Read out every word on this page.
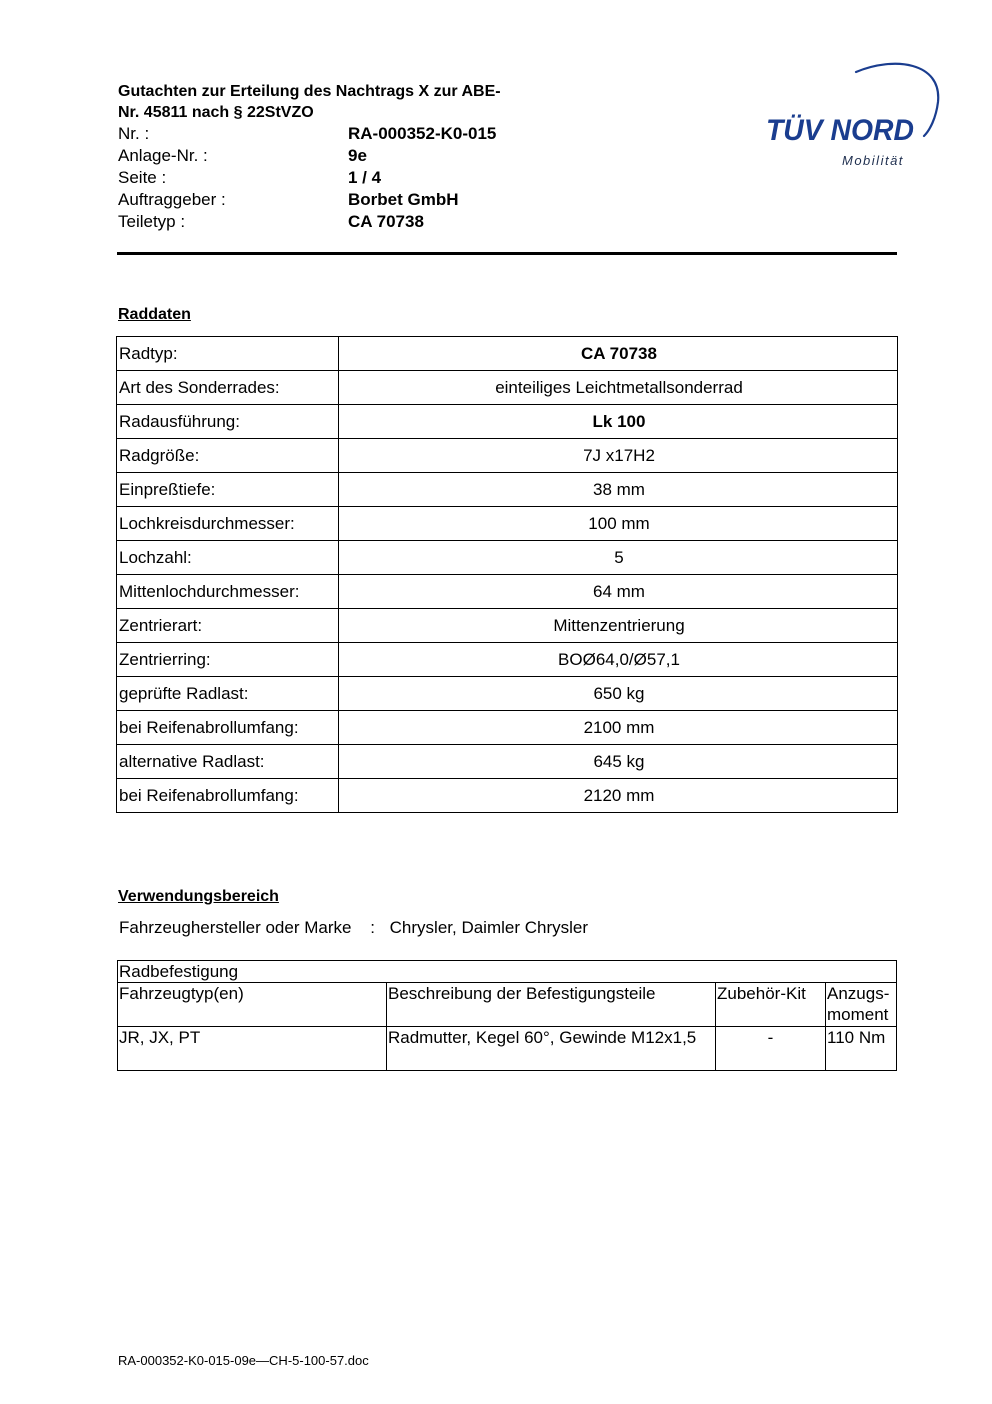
Gutachten zur Erteilung des Nachtrags X zur ABE-
Nr. 45811 nach § 22StVZO
Nr. :	RA-000352-K0-015
Anlage-Nr. :	9e
Seite :	1 / 4
Auftraggeber :	Borbet GmbH
Teiletyp :	CA 70738
TÜV NORD
Mobilität
Raddaten
Radtyp:	CA 70738
Art des Sonderrades:	einteiliges Leichtmetallsonderrad
Radausführung:	Lk 100
Radgröße:	7J x17H2
Einpreßtiefe:	38 mm
Lochkreisdurchmesser:	100 mm
Lochzahl:	5
Mittenlochdurchmesser:	64 mm
Zentrierart:	Mittenzentrierung
Zentrierring:	BOØ64,0/Ø57,1
geprüfte Radlast:	650 kg
bei Reifenabrollumfang:	2100 mm
alternative Radlast:	645 kg
bei Reifenabrollumfang:	2120 mm
Verwendungsbereich
Fahrzeughersteller oder Marke : Chrysler, Daimler Chrysler
Radbefestigung			
Fahrzeugtyp(en)	Beschreibung der Befestigungsteile	Zubehör-Kit	Anzugs-moment
JR, JX, PT	Radmutter, Kegel 60°, Gewinde M12x1,5	-	110 Nm
RA-000352-K0-015-09e—CH-5-100-57.doc
